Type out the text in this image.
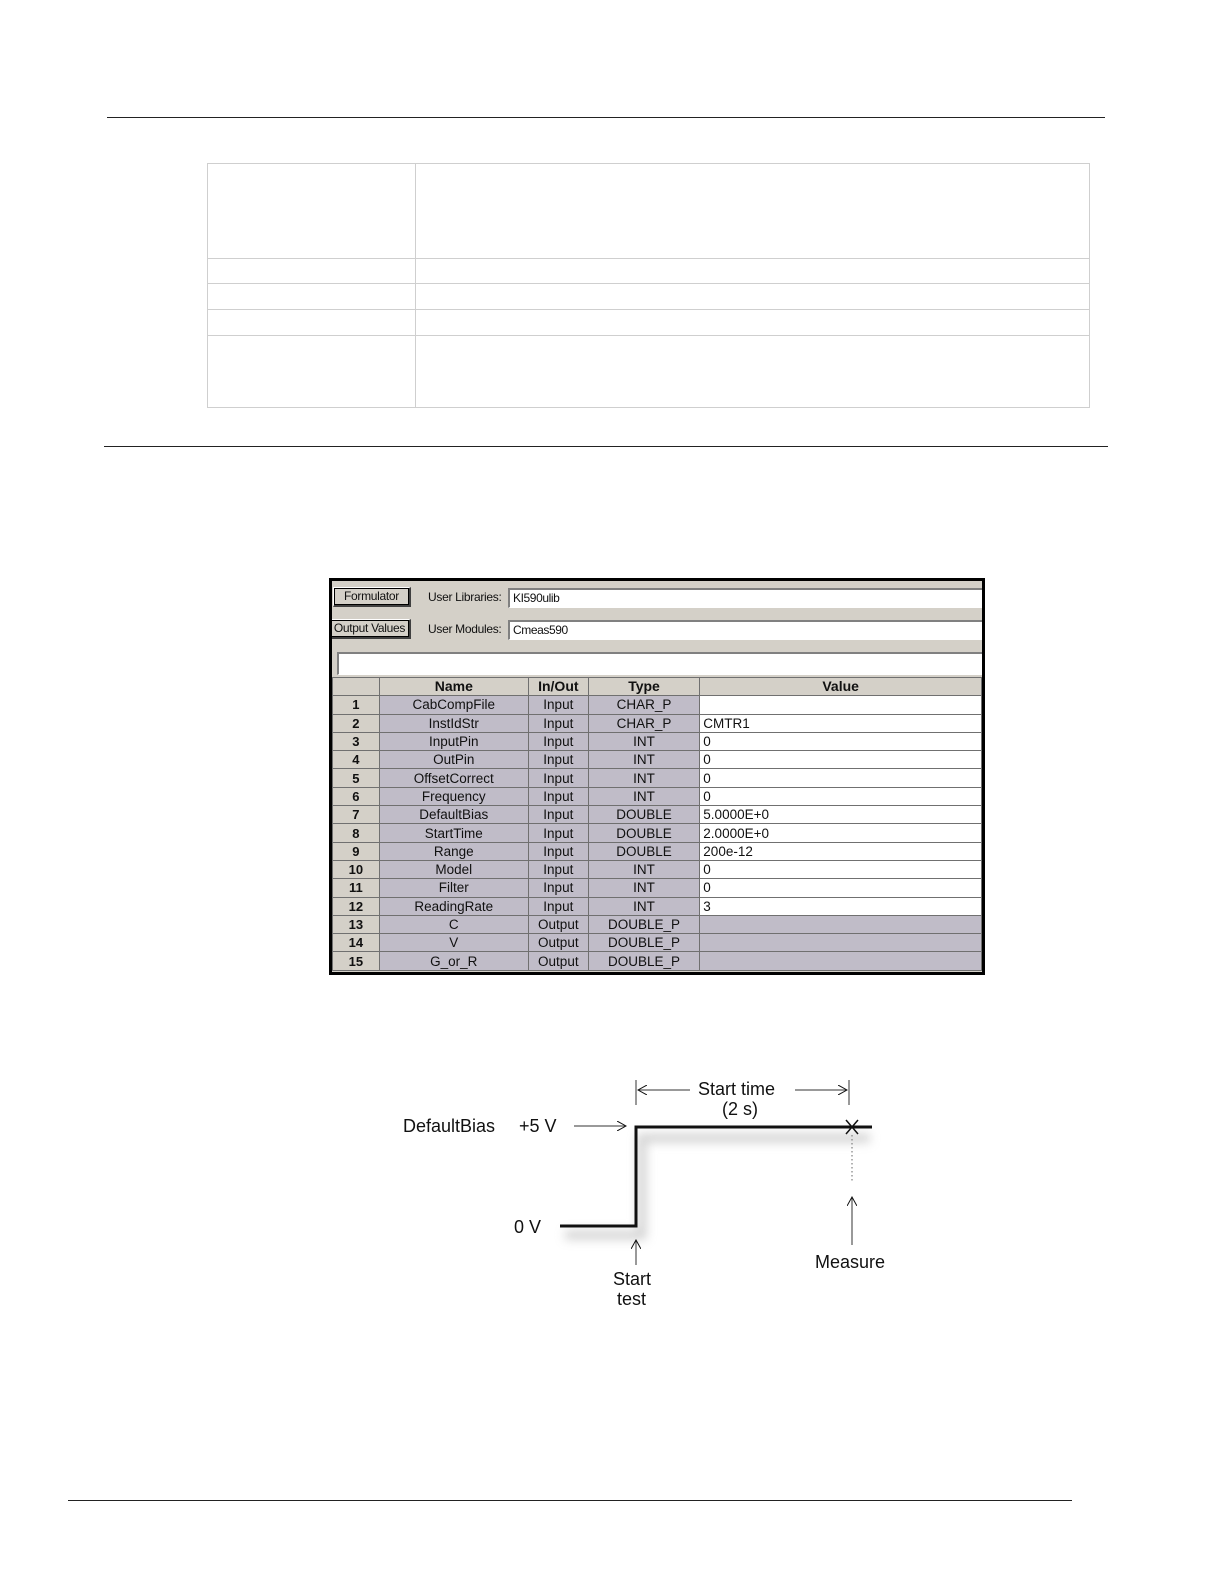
Formulator	User Libraries: KI590ulib
Output Values	User Modules: Cmeas590
	Name	In/Out	Type	Value
1	CabCompFile	Input	CHAR_P	
2	InstIdStr	Input	CHAR_P	CMTR1
3	InputPin	Input	INT	0
4	OutPin	Input	INT	0
5	OffsetCorrect	Input	INT	0
6	Frequency	Input	INT	0
7	DefaultBias	Input	DOUBLE	5.0000E+0
8	StartTime	Input	DOUBLE	2.0000E+0
9	Range	Input	DOUBLE	200e-12
10	Model	Input	INT	0
11	Filter	Input	INT	0
12	ReadingRate	Input	INT	3
13	C	Output	DOUBLE_P	
14	V	Output	DOUBLE_P	
15	G_or_R	Output	DOUBLE_P	
Start time
(2 s)
DefaultBias +5 V
0 V
Start
test
Measure
